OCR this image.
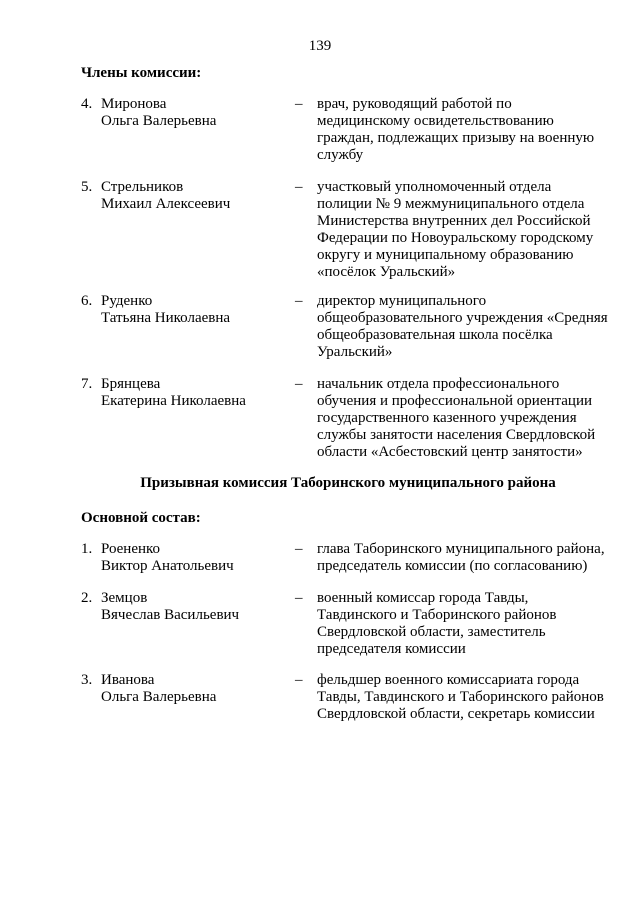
139
Члены комиссии:
4. Миронова
Ольга Валерьевна
– врач, руководящий работой по
медицинскому освидетельствованию
граждан, подлежащих призыву на военную
службу
5. Стрельников
Михаил Алексеевич
– участковый уполномоченный отдела
полиции № 9 межмуниципального отдела
Министерства внутренних дел Российской
Федерации по Новоуральскому городскому
округу и муниципальному образованию
«посёлок Уральский»
6. Руденко
Татьяна Николаевна
– директор муниципального
общеобразовательного учреждения «Средняя
общеобразовательная школа посёлка
Уральский»
7. Брянцева
Екатерина Николаевна
– начальник отдела профессионального
обучения и профессиональной ориентации
государственного казенного учреждения
службы занятости населения Свердловской
области «Асбестовский центр занятости»
Призывная комиссия Таборинского муниципального района
Основной состав:
1. Роененко
Виктор Анатольевич
– глава Таборинского муниципального района,
председатель комиссии (по согласованию)
2. Земцов
Вячеслав Васильевич
– военный комиссар города Тавды,
Тавдинского и Таборинского районов
Свердловской области, заместитель
председателя комиссии
3. Иванова
Ольга Валерьевна
– фельдшер военного комиссариата города
Тавды, Тавдинского и Таборинского районов
Свердловской области, секретарь комиссии
